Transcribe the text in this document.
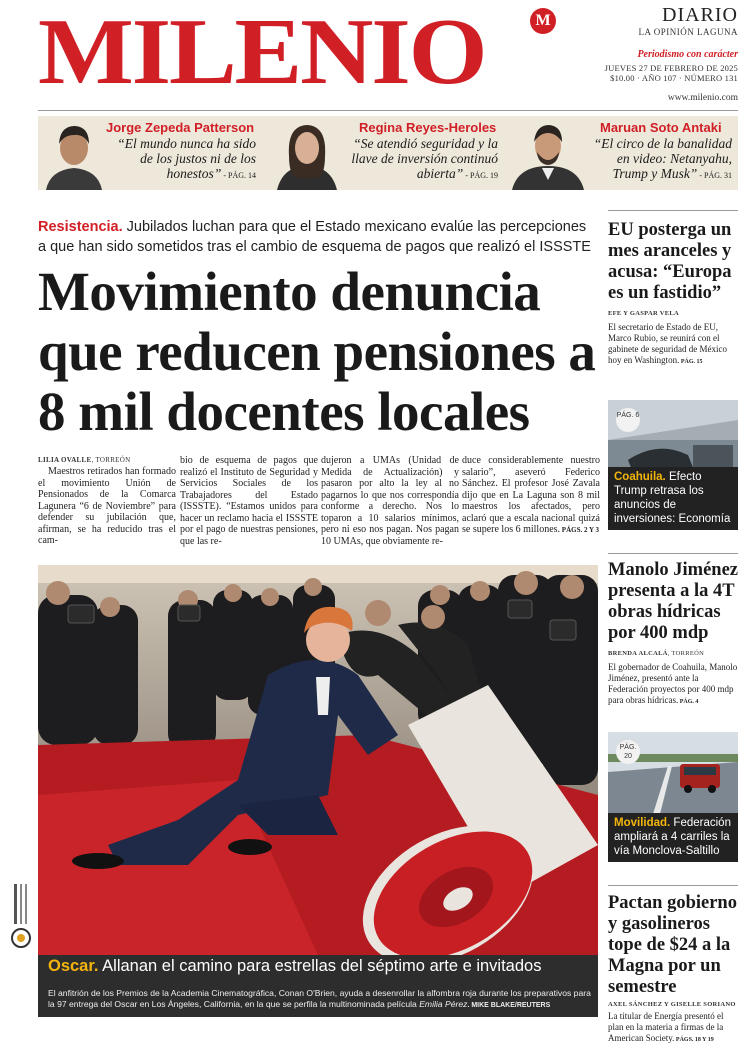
MILENIO	M	DIARIO
LA OPINIÓN LAGUNA
Periodismo con carácter
JUEVES 27 DE FEBRERO DE 2025
$10.00 · AÑO 107 · NÚMERO 131
www.milenio.com
Jorge Zepeda Patterson
“El mundo nunca ha sido de los justos ni de los honestos” - PÁG. 14
Regina Reyes-Heroles
“Se atendió seguridad y la llave de inversión continuó abierta” - PÁG. 19
Maruan Soto Antaki
“El circo de la banalidad en video: Netanyahu, Trump y Musk” - PÁG. 31
Resistencia. Jubilados luchan para que el Estado mexicano evalúe las percepciones a que han sido sometidos tras el cambio de esquema de pagos que realizó el ISSSTE
Movimiento denuncia que reducen pensiones a 8 mil docentes locales
LILIA OVALLE, TORREÓN
Maestros retirados han formado el movimiento Unión de Pensionados de la Comarca Lagunera “6 de Noviembre” para defender su jubilación que, afirman, se ha reducido tras el cam-
bio de esquema de pagos que realizó el Instituto de Seguridad y Servicios Sociales de los Trabajadores del Estado (ISSSTE). “Estamos unidos para hacer un reclamo hacia el ISSSTE por el pago de nuestras pensiones, que las re-
dujeron a UMAs (Unidad de Medida de Actualización) y pasaron por alto la ley al no pagarnos lo que nos correspondía conforme a derecho. Nos lo toparon a 10 salarios mínimos, pero ni eso nos pagan. Nos pagan 10 UMAs, que obviamente re-
duce considerablemente nuestro salario”, aseveró Federico Sánchez. El profesor José Zavala dijo que en La Laguna son 8 mil maestros los afectados, pero aclaró que a escala nacional quizá se supere los 6 millones. PÁGS. 2 Y 3
Oscar. Allanan el camino para estrellas del séptimo arte e invitados
El anfitrión de los Premios de la Academia Cinematográfica, Conan O'Brien, ayuda a desenrollar la alfombra roja durante los preparativos para la 97 entrega del Oscar en Los Ángeles, California, en la que se perfila la multinominada película Emilia Pérez. MIKE BLAKE/REUTERS
EU posterga un mes aranceles y acusa: “Europa es un fastidio”
EFE Y GASPAR VELA
El secretario de Estado de EU, Marco Rubio, se reunirá con el gabinete de seguridad de México hoy en Washington. PÁG. 15
PÁG. 6
Coahuila. Efecto Trump retrasa los anuncios de inversiones: Economía
Manolo Jiménez presenta a la 4T obras hídricas por 400 mdp
BRENDA ALCALÁ, TORREÓN
El gobernador de Coahuila, Manolo Jiménez, presentó ante la Federación proyectos por 400 mdp para obras hídricas. PÁG. 4
PÁG. 20
Movilidad. Federación ampliará a 4 carriles la vía Monclova-Saltillo
Pactan gobierno y gasolineros tope de $24 a la Magna por un semestre
AXEL SÁNCHEZ Y GISELLE SORIANO
La titular de Energía presentó el plan en la materia a firmas de la American Society. PÁGS. 18 Y 19
